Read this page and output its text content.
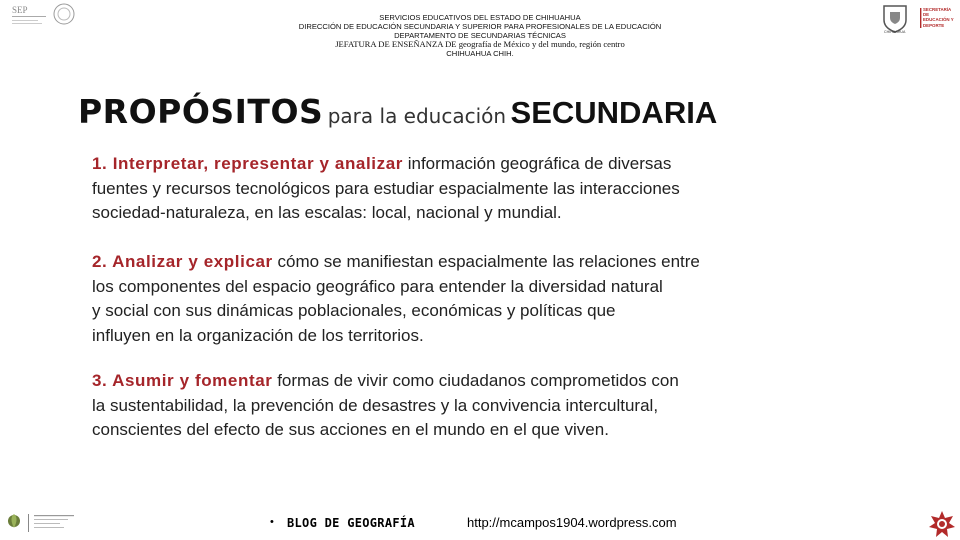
SEP
CHIHUAHUA
SECRETARÍA DE EDUCACIÓN Y DEPORTE
SERVICIOS EDUCATIVOS DEL ESTADO DE CHIHUAHUA
DIRECCIÓN DE EDUCACIÓN SECUNDARIA Y SUPERIOR PARA PROFESIONALES DE LA EDUCACIÓN
DEPARTAMENTO DE SECUNDARIAS TÉCNICAS
JEFATURA DE ENSEÑANZA DE geografía de México y del mundo, región centro
CHIHUAHUA CHIH.
PROPÓSITOS para la educación SECUNDARIA
1. Interpretar, representar y analizar información geográfica de diversas
fuentes y recursos tecnológicos para estudiar espacialmente las interacciones
sociedad-naturaleza, en las escalas: local, nacional y mundial.
2. Analizar y explicar cómo se manifiestan espacialmente las relaciones entre
los componentes del espacio geográfico para entender la diversidad natural
y social con sus dinámicas poblacionales, económicas y políticas que
influyen en la organización de los territorios.
3. Asumir y fomentar formas de vivir como ciudadanos comprometidos con
la sustentabilidad, la prevención de desastres y la convivencia intercultural,
conscientes del efecto de sus acciones en el mundo en el que viven.
• BLOG DE GEOGRAFÍA	http://mcampos1904.wordpress.com
